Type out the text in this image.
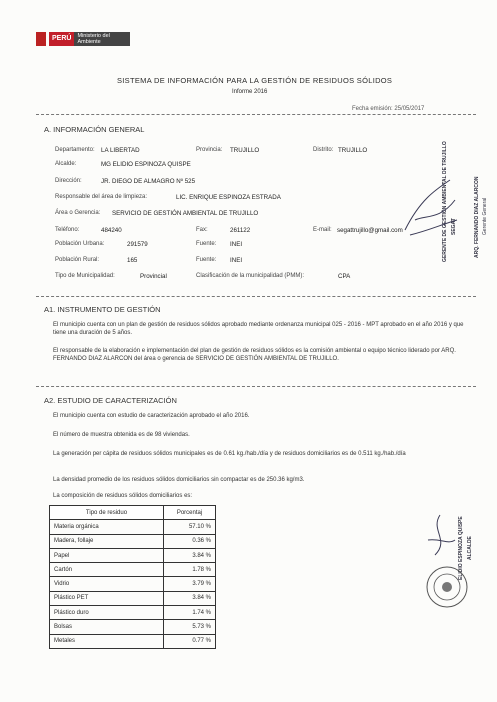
PERÚ	Ministerio del Ambiente
SISTEMA DE INFORMACIÓN PARA LA GESTIÓN DE RESIDUOS SÓLIDOS
Informe 2016
Fecha emisión: 25/05/2017
A. INFORMACIÓN GENERAL
Departamento: LA LIBERTAD	Provincia: TRUJILLO	Distrito: TRUJILLO
Alcalde:	MG ELIDIO ESPINOZA QUISPE
Dirección:	JR. DIEGO DE ALMAGRO Nº 525
Responsable del área de limpieza:	LIC. ENRIQUE ESPINOZA ESTRADA
Área o Gerencia: SERVICIO DE GESTIÓN AMBIENTAL DE TRUJILLO
Teléfono:	484240	Fax:	261122	E-mail: segattrujillo@gmail.com
Población Urbana:	291579	Fuente: INEI
Población Rural:	165	Fuente: INEI
Tipo de Municipalidad:	Provincial	Clasificación de la municipalidad (PMM):	CPA
A1. INSTRUMENTO DE GESTIÓN
El municipio cuenta con un plan de gestión de residuos sólidos aprobado mediante ordenanza municipal 025 - 2016 - MPT aprobado en el año 2016 y que tiene una duración de 5 años.
El responsable de la elaboración e implementación del plan de gestión de residuos sólidos es la comisión ambiental o equipo técnico liderado por ARQ. FERNANDO DIAZ ALARCON del área o gerencia de SERVICIO DE GESTIÓN AMBIENTAL DE TRUJILLO.
A2. ESTUDIO DE CARACTERIZACIÓN
El municipio cuenta con estudio de caracterización aprobado el año 2016.
El número de muestra obtenida es de 98 viviendas.
La generación per cápita de residuos sólidos municipales es de 0.61 kg./hab./día y de residuos domiciliarios es de 0.511 kg./hab./día
La densidad promedio de los residuos sólidos domiciliarios sin compactar es de 250.36 kg/m3.
La composición de residuos sólidos domiciliarios es:
Tipo de residuo	Porcentaj
Materia orgánica	57.10 %
Madera, follaje	0.36 %
Papel	3.84 %
Cartón	1.78 %
Vidrio	3.79 %
Plástico PET	3.84 %
Plástico duro	1.74 %
Bolsas	5.73 %
Metales	0.77 %
GERENTE DE GESTIÓN AMBIENTAL DE TRUJILLO SEGAT	ARQ. FERNANDO DIAZ ALARCON Gerente General
ELIDIO ESPINOZA QUISPE ALCALDE
